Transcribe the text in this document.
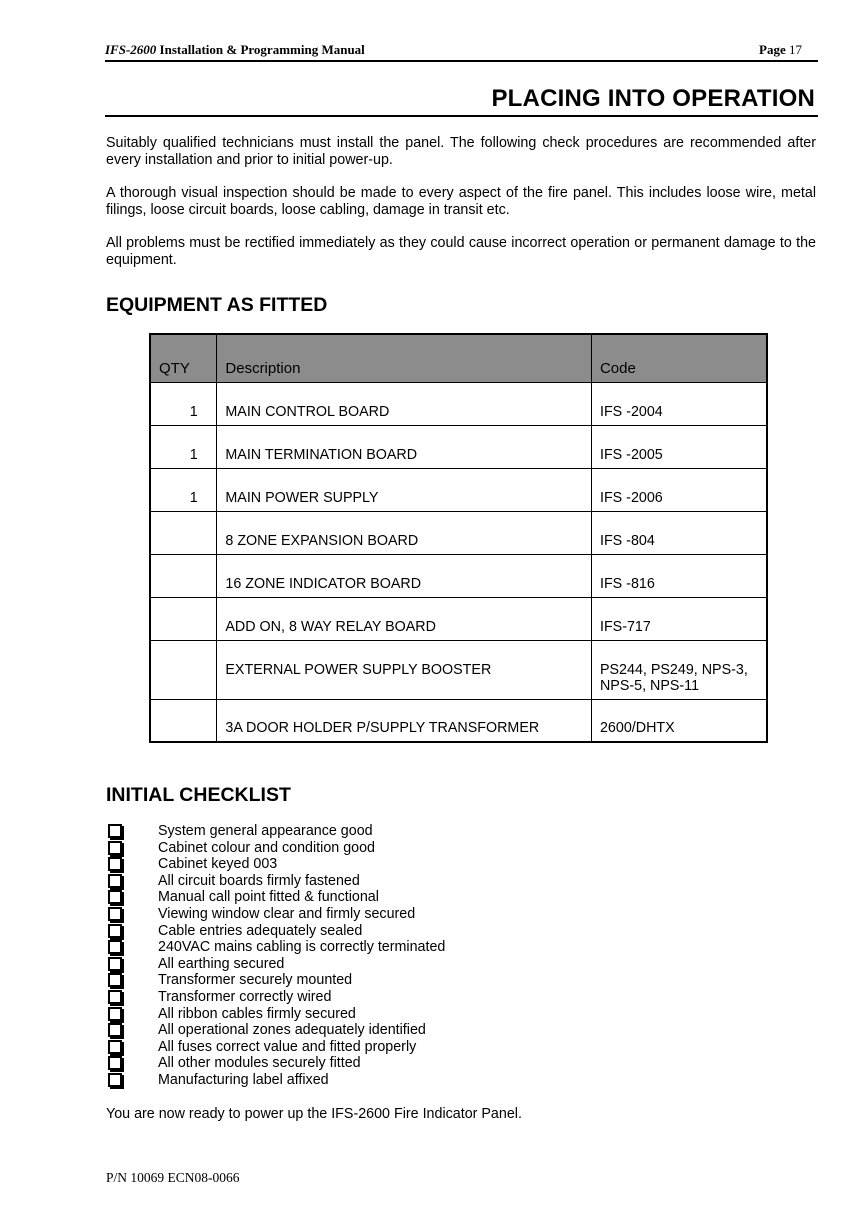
IFS-2600 Installation & Programming Manual	Page 17
PLACING INTO OPERATION

Suitably qualified technicians must install the panel. The following check procedures are recommended after every installation and prior to initial power-up.

A thorough visual inspection should be made to every aspect of the fire panel. This includes loose wire, metal filings, loose circuit boards, loose cabling, damage in transit etc.

All problems must be rectified immediately as they could cause incorrect operation or permanent damage to the equipment.

EQUIPMENT AS FITTED
QTY	Description	Code
1	MAIN CONTROL BOARD	IFS -2004
1	MAIN TERMINATION BOARD	IFS -2005
1	MAIN POWER SUPPLY	IFS -2006
	8 ZONE EXPANSION BOARD	IFS -804
	16 ZONE INDICATOR BOARD	IFS -816
	ADD ON, 8 WAY RELAY BOARD	IFS-717
	EXTERNAL POWER SUPPLY BOOSTER	PS244, PS249, NPS-3, NPS-5, NPS-11
	3A DOOR HOLDER P/SUPPLY TRANSFORMER	2600/DHTX
INITIAL CHECKLIST
System general appearance good
Cabinet colour and condition good
Cabinet keyed 003
All circuit boards firmly fastened
Manual call point fitted & functional
Viewing window clear and firmly secured
Cable entries adequately sealed
240VAC mains cabling is correctly terminated
All earthing secured
Transformer securely mounted
Transformer correctly wired
All ribbon cables firmly secured
All operational zones adequately identified
All fuses correct value and fitted properly
All other modules securely fitted
Manufacturing label affixed

You are now ready to power up the IFS-2600 Fire Indicator Panel.

P/N 10069 ECN08-0066
